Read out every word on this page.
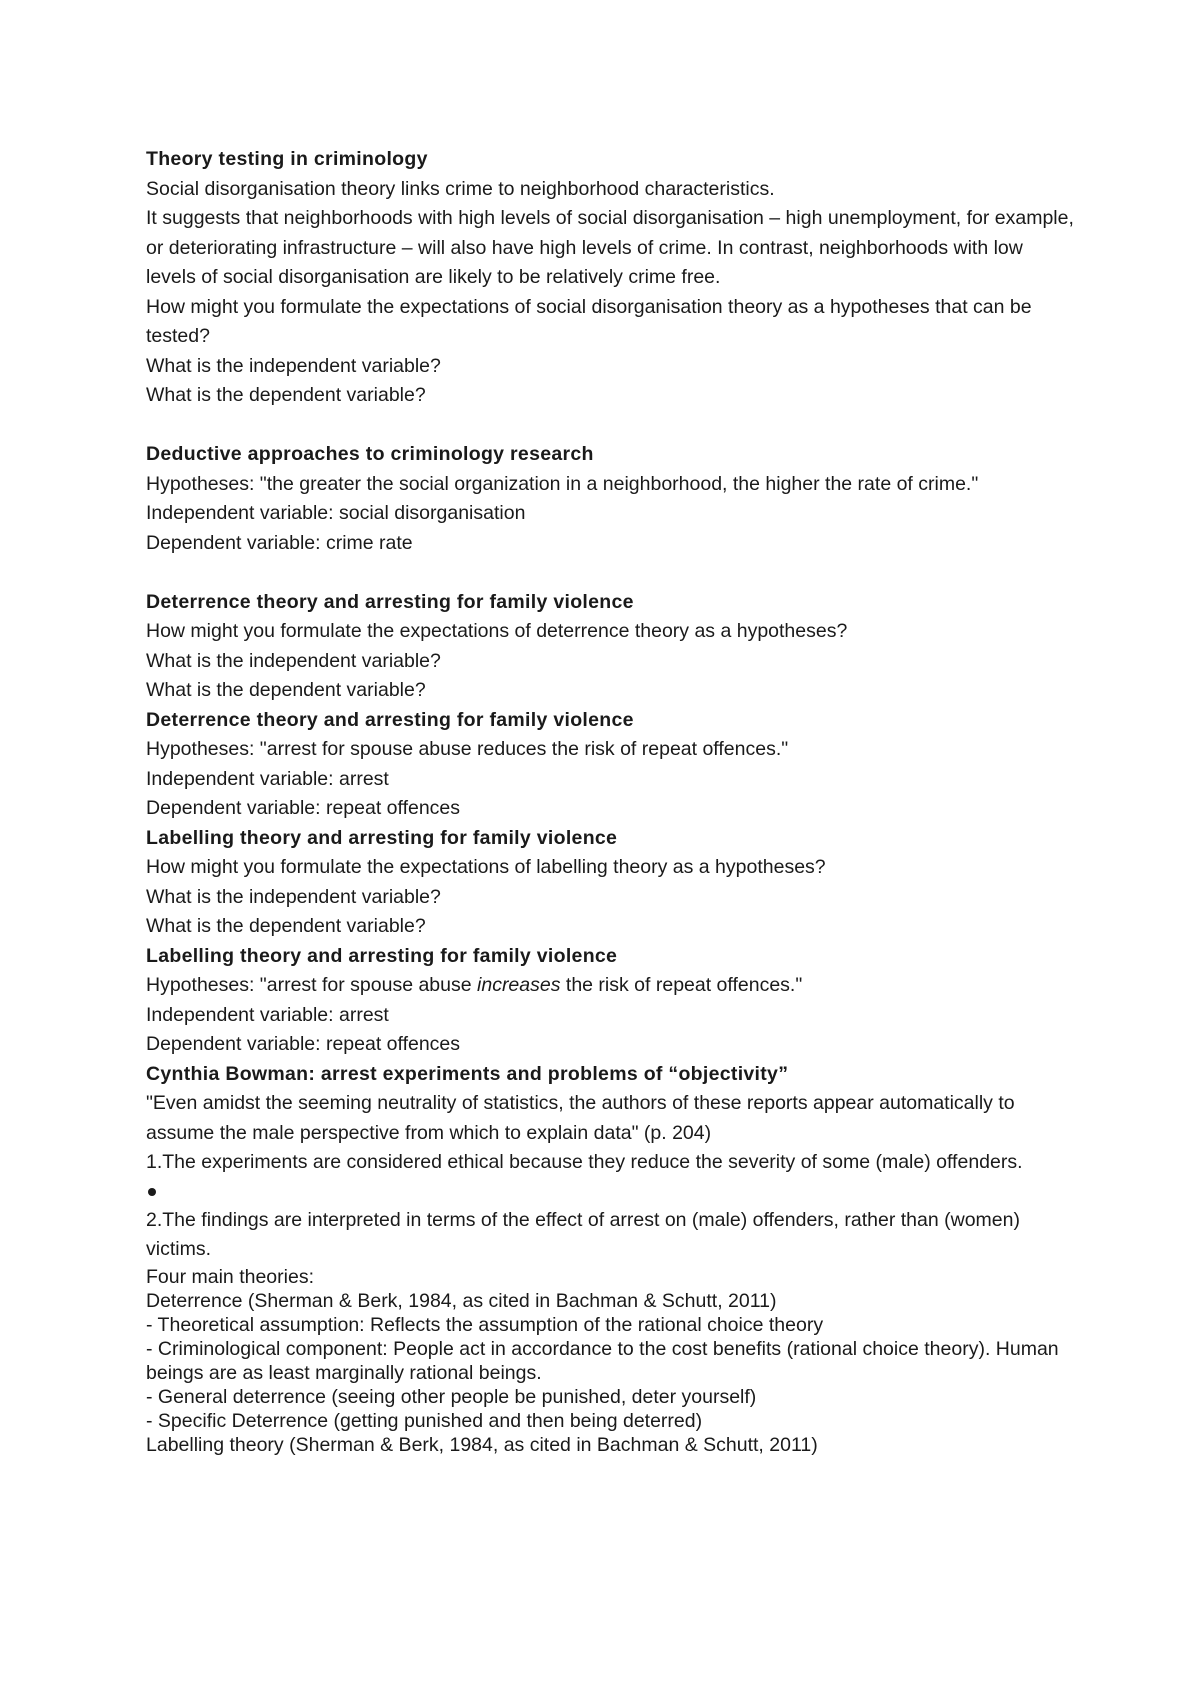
Theory testing in criminology

Social disorganisation theory links crime to neighborhood characteristics.

It suggests that neighborhoods with high levels of social disorganisation – high unemployment, for example, or deteriorating infrastructure – will also have high levels of crime. In contrast, neighborhoods with low levels of social disorganisation are likely to be relatively crime free.

How might you formulate the expectations of social disorganisation theory as a hypotheses that can be tested?

What is the independent variable?

What is the dependent variable?

Deductive approaches to criminology research

Hypotheses: "the greater the social organization in a neighborhood, the higher the rate of crime."

Independent variable: social disorganisation

Dependent variable: crime rate

Deterrence theory and arresting for family violence

How might you formulate the expectations of deterrence theory as a hypotheses?

What is the independent variable?

What is the dependent variable?

Deterrence theory and arresting for family violence

Hypotheses: "arrest for spouse abuse reduces the risk of repeat offences."

Independent variable: arrest

Dependent variable: repeat offences

Labelling theory and arresting for family violence

How might you formulate the expectations of labelling theory as a hypotheses?

What is the independent variable?

What is the dependent variable?

Labelling theory and arresting for family violence

Hypotheses: "arrest for spouse abuse increases the risk of repeat offences."

Independent variable: arrest

Dependent variable: repeat offences

Cynthia Bowman: arrest experiments and problems of “objectivity”

"Even amidst the seeming neutrality of statistics, the authors of these reports appear automatically to assume the male perspective from which to explain data" (p. 204)

1.The experiments are considered ethical because they reduce the severity of some (male) offenders.

2.The findings are interpreted in terms of the effect of arrest on (male) offenders, rather than (women) victims.

Four main theories:

Deterrence (Sherman & Berk, 1984, as cited in Bachman & Schutt, 2011)

- Theoretical assumption: Reflects the assumption of the rational choice theory

- Criminological component: People act in accordance to the cost benefits (rational choice theory). Human beings are as least marginally rational beings.

- General deterrence (seeing other people be punished, deter yourself)

- Specific Deterrence (getting punished and then being deterred)

Labelling theory (Sherman & Berk, 1984, as cited in Bachman & Schutt, 2011)
